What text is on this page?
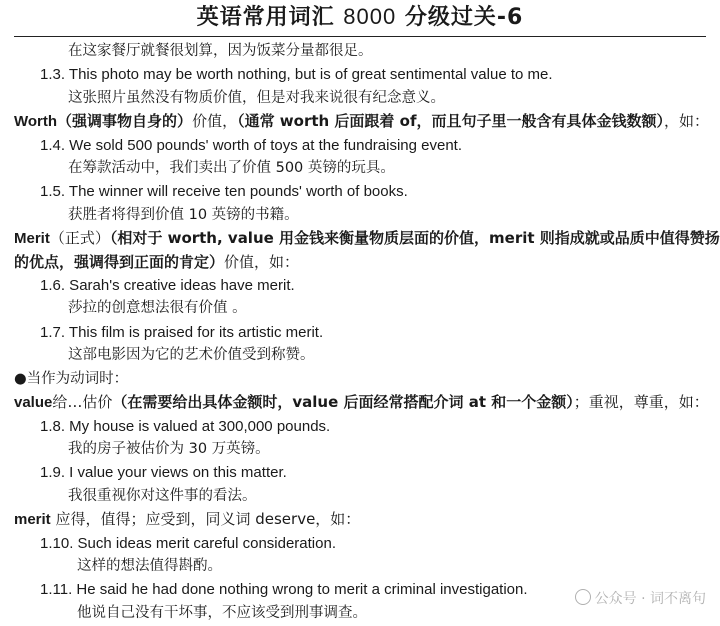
英语常用词汇 8000 分级过关-6
在这家餐厅就餐很划算，因为饭菜分量都很足。
1.3. This photo may be worth nothing, but is of great sentimental value to me.
这张照片虽然没有物质价值，但是对我来说很有纪念意义。
Worth（强调事物自身的）价值，（通常 worth 后面跟着 of，而且句子里一般含有具体金钱数额），如：
1.4. We sold 500 pounds' worth of toys at the fundraising event.
在筹款活动中，我们卖出了价值 500 英镑的玩具。
1.5. The winner will receive ten pounds' worth of books.
获胜者将得到价值 10 英镑的书籍。
Merit（正式）（相对于 worth, value 用金钱来衡量物质层面的价值，merit 则指成就或品质中值得赞扬
的优点，强调得到正面的肯定）价值，如：
1.6. Sarah's creative ideas have merit.
莎拉的创意想法很有价值 。
1.7. This film is praised for its artistic merit.
这部电影因为它的艺术价值受到称赞。
●当作为动词时：
value给…估价（在需要给出具体金额时，value 后面经常搭配介词 at 和一个金额）；重视，尊重，如：
1.8. My house is valued at 300,000 pounds.
我的房子被估价为 30 万英镑。
1.9. I value your views on this matter.
我很重视你对这件事的看法。
merit 应得，值得；应受到，同义词 deserve，如：
1.10. Such ideas merit careful consideration.
这样的想法值得斟酌。
1.11. He said he had done nothing wrong to merit a criminal investigation.
他说自己没有干坏事，不应该受到刑事调查。
公众号 · 词不离句
